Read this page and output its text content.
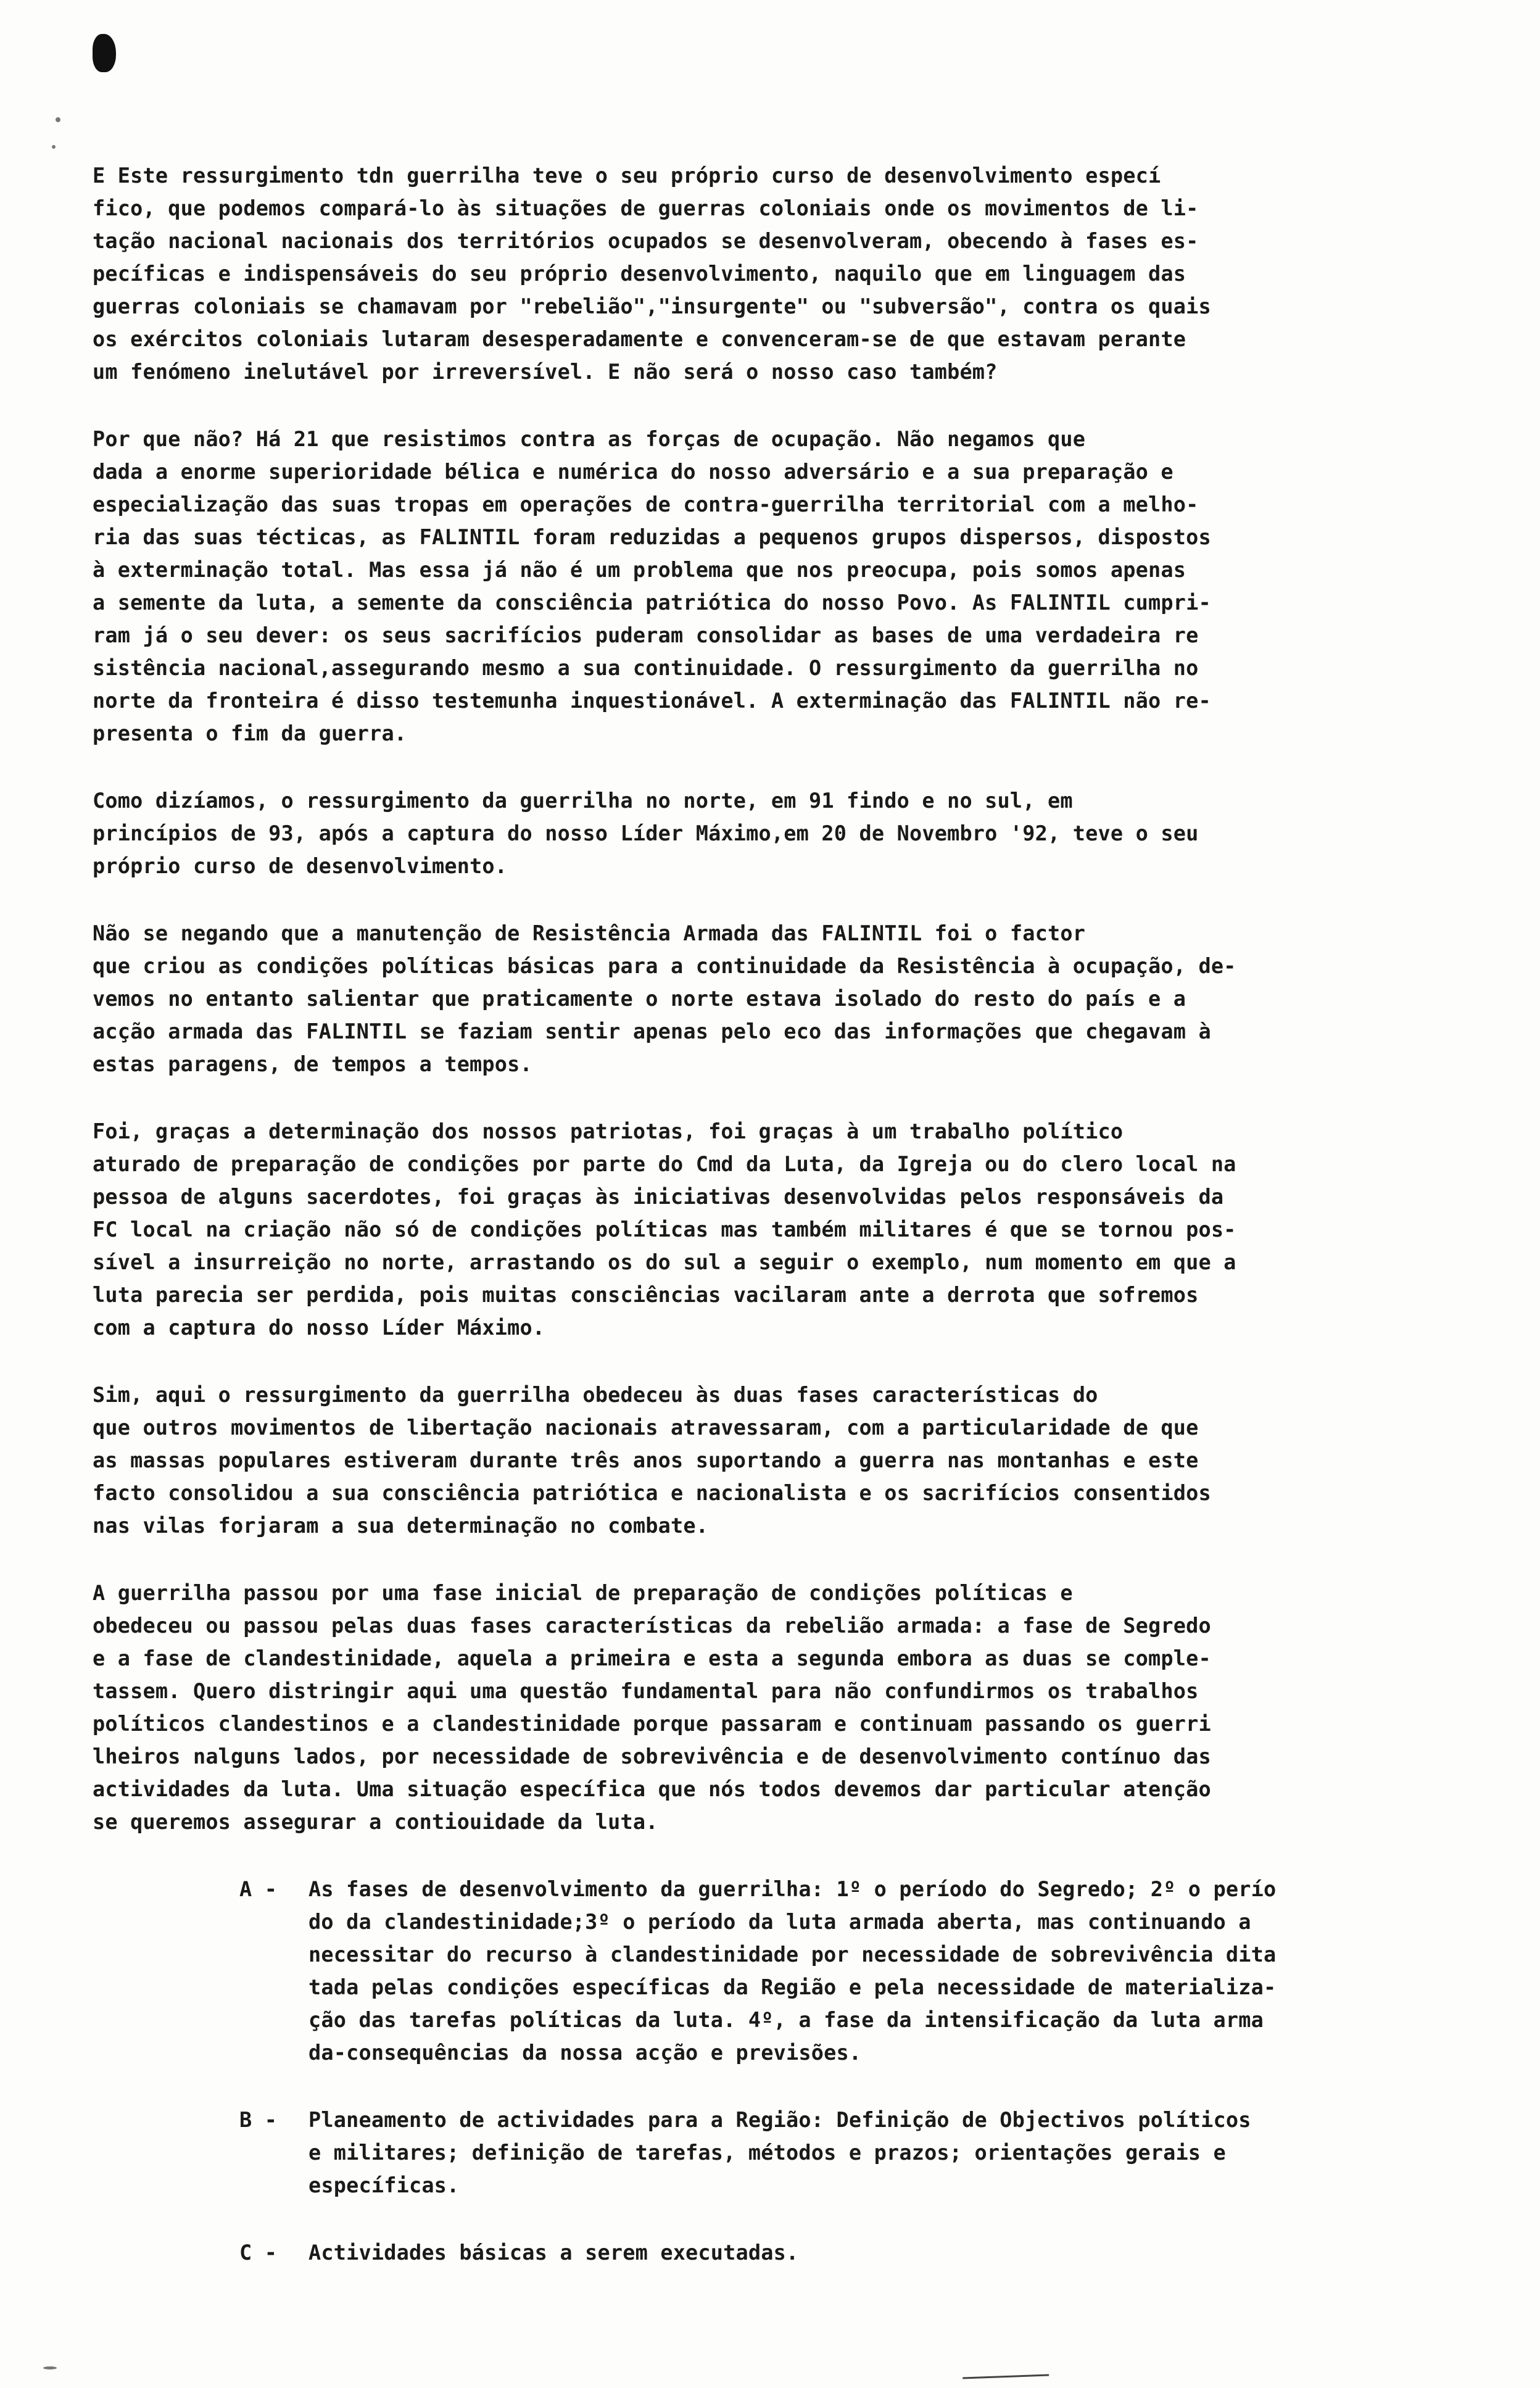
E Este ressurgimento tdn guerrilha teve o seu próprio curso de desenvolvimento especí
fico, que podemos compará-lo às situações de guerras coloniais onde os movimentos de li-
tação nacional nacionais dos territórios ocupados se desenvolveram, obecendo à fases es-
pecíficas e indispensáveis do seu próprio desenvolvimento, naquilo que em linguagem das
guerras coloniais se chamavam por "rebelião","insurgente" ou "subversão", contra os quais
os exércitos coloniais lutaram desesperadamente e convenceram-se de que estavam perante
um fenómeno inelutável por irreversível. E não será o nosso caso também?
Por que não? Há 21 que resistimos contra as forças de ocupação. Não negamos que
dada a enorme superioridade bélica e numérica do nosso adversário e a sua preparação e
especialização das suas tropas em operações de contra-guerrilha territorial com a melho-
ria das suas técticas, as FALINTIL foram reduzidas a pequenos grupos dispersos, dispostos
à exterminação total. Mas essa já não é um problema que nos preocupa, pois somos apenas
a semente da luta, a semente da consciência patriótica do nosso Povo. As FALINTIL cumpri-
ram já o seu dever: os seus sacrifícios puderam consolidar as bases de uma verdadeira re
sistência nacional,assegurando mesmo a sua continuidade. O ressurgimento da guerrilha no
norte da fronteira é disso testemunha inquestionável. A exterminação das FALINTIL não re-
presenta o fim da guerra.
Como dizíamos, o ressurgimento da guerrilha no norte, em 91 findo e no sul, em
princípios de 93, após a captura do nosso Líder Máximo,em 20 de Novembro '92, teve o seu
próprio curso de desenvolvimento.
Não se negando que a manutenção de Resistência Armada das FALINTIL foi o factor
que criou as condições políticas básicas para a continuidade da Resistência à ocupação, de-
vemos no entanto salientar que praticamente o norte estava isolado do resto do país e a
acção armada das FALINTIL se faziam sentir apenas pelo eco das informações que chegavam à
estas paragens, de tempos a tempos.
Foi, graças a determinação dos nossos patriotas, foi graças à um trabalho político
aturado de preparação de condições por parte do Cmd da Luta, da Igreja ou do clero local na
pessoa de alguns sacerdotes, foi graças às iniciativas desenvolvidas pelos responsáveis da
FC local na criação não só de condições políticas mas também militares é que se tornou pos-
sível a insurreição no norte, arrastando os do sul a seguir o exemplo, num momento em que a
luta parecia ser perdida, pois muitas consciências vacilaram ante a derrota que sofremos
com a captura do nosso Líder Máximo.
Sim, aqui o ressurgimento da guerrilha obedeceu às duas fases características do
que outros movimentos de libertação nacionais atravessaram, com a particularidade de que
as massas populares estiveram durante três anos suportando a guerra nas montanhas e este
facto consolidou a sua consciência patriótica e nacionalista e os sacrifícios consentidos
nas vilas forjaram a sua determinação no combate.
A guerrilha passou por uma fase inicial de preparação de condições políticas e
obedeceu ou passou pelas duas fases características da rebelião armada: a fase de Segredo
e a fase de clandestinidade, aquela a primeira e esta a segunda embora as duas se comple-
tassem. Quero distringir aqui uma questão fundamental para não confundirmos os trabalhos
políticos clandestinos e a clandestinidade porque passaram e continuam passando os guerri
lheiros nalguns lados, por necessidade de sobrevivência e de desenvolvimento contínuo das
actividades da luta. Uma situação específica que nós todos devemos dar particular atenção
se queremos assegurar a contiouidade da luta.
A -	As fases de desenvolvimento da guerrilha: 1º o período do Segredo; 2º o perío
do da clandestinidade;3º o período da luta armada aberta, mas continuando a
necessitar do recurso à clandestinidade por necessidade de sobrevivência dita
tada pelas condições específicas da Região e pela necessidade de materializa-
ção das tarefas políticas da luta. 4º, a fase da intensificação da luta arma
da-consequências da nossa acção e previsões.
B -	Planeamento de actividades para a Região: Definição de Objectivos políticos
e militares; definição de tarefas, métodos e prazos; orientações gerais e
específicas.
C -	Actividades básicas a serem executadas.
